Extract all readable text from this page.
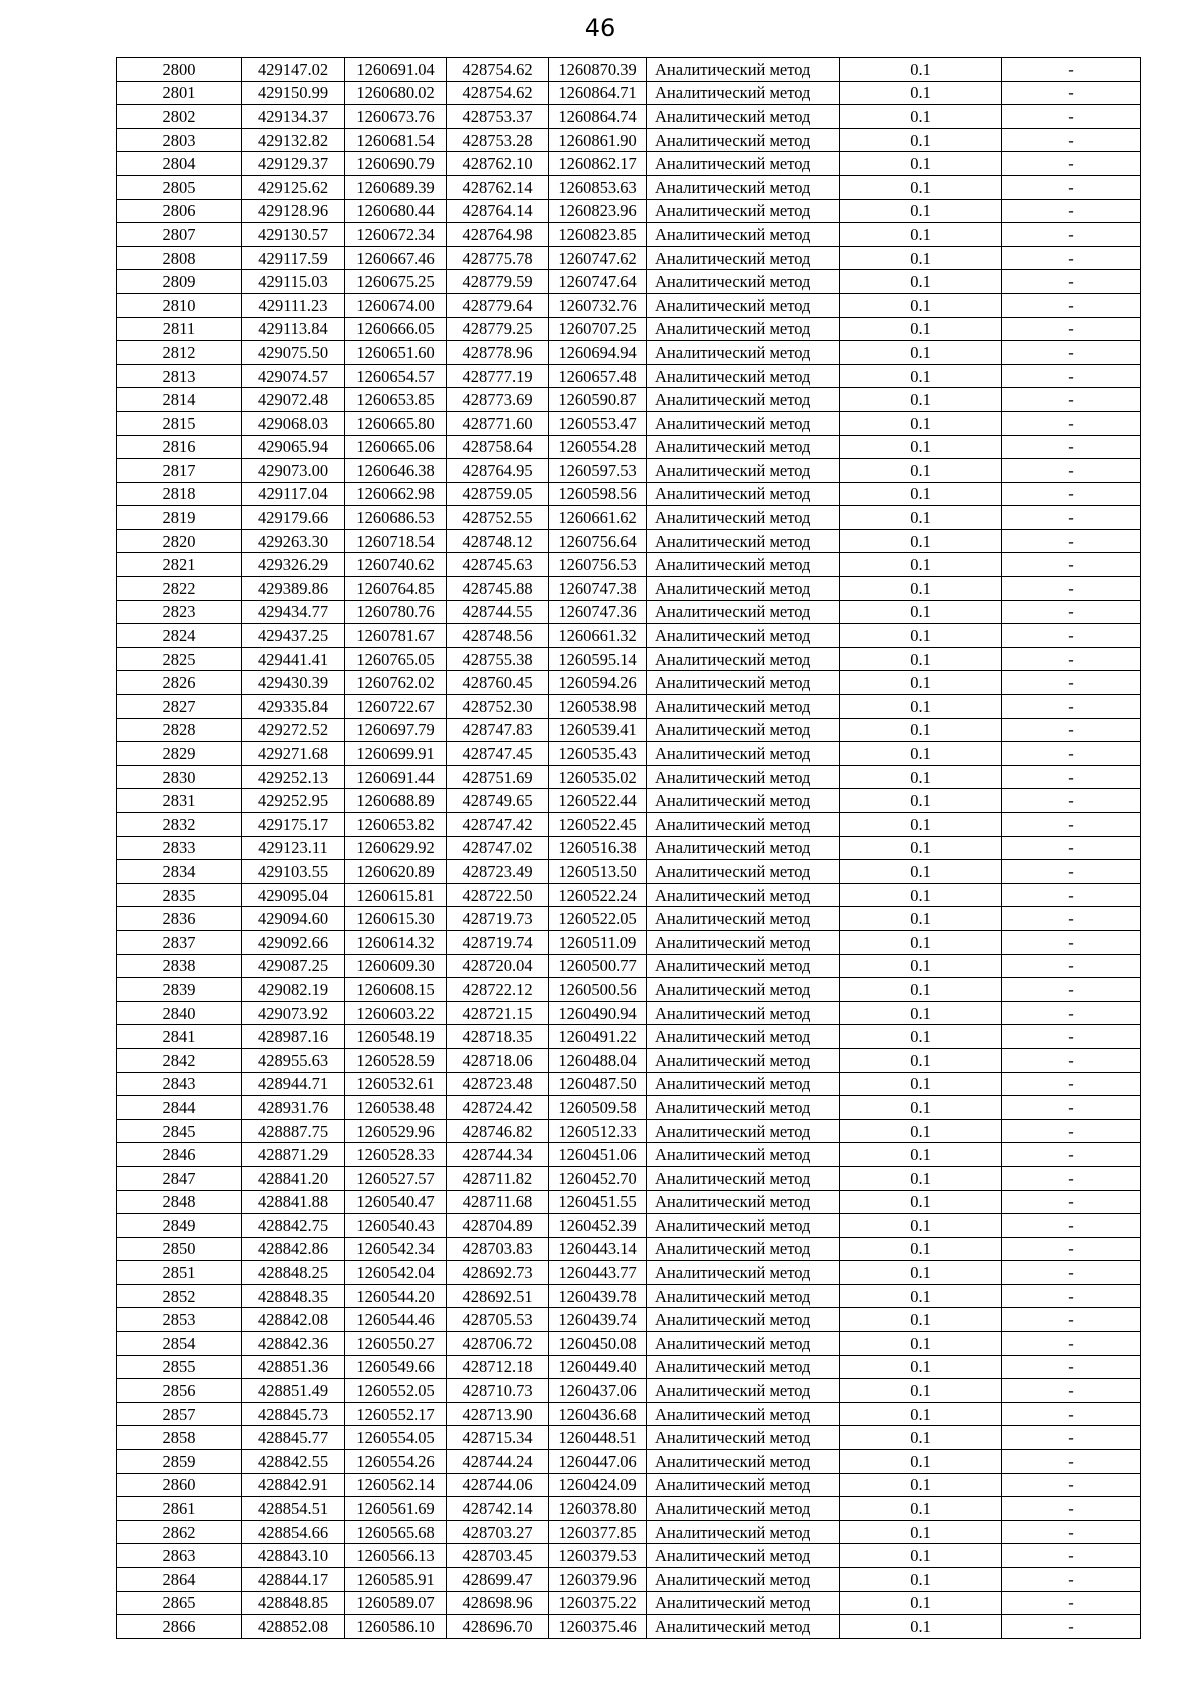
46
2800	429147.02	1260691.04	428754.62	1260870.39	Аналитический метод	0.1	-
2801	429150.99	1260680.02	428754.62	1260864.71	Аналитический метод	0.1	-
2802	429134.37	1260673.76	428753.37	1260864.74	Аналитический метод	0.1	-
2803	429132.82	1260681.54	428753.28	1260861.90	Аналитический метод	0.1	-
2804	429129.37	1260690.79	428762.10	1260862.17	Аналитический метод	0.1	-
2805	429125.62	1260689.39	428762.14	1260853.63	Аналитический метод	0.1	-
2806	429128.96	1260680.44	428764.14	1260823.96	Аналитический метод	0.1	-
2807	429130.57	1260672.34	428764.98	1260823.85	Аналитический метод	0.1	-
2808	429117.59	1260667.46	428775.78	1260747.62	Аналитический метод	0.1	-
2809	429115.03	1260675.25	428779.59	1260747.64	Аналитический метод	0.1	-
2810	429111.23	1260674.00	428779.64	1260732.76	Аналитический метод	0.1	-
2811	429113.84	1260666.05	428779.25	1260707.25	Аналитический метод	0.1	-
2812	429075.50	1260651.60	428778.96	1260694.94	Аналитический метод	0.1	-
2813	429074.57	1260654.57	428777.19	1260657.48	Аналитический метод	0.1	-
2814	429072.48	1260653.85	428773.69	1260590.87	Аналитический метод	0.1	-
2815	429068.03	1260665.80	428771.60	1260553.47	Аналитический метод	0.1	-
2816	429065.94	1260665.06	428758.64	1260554.28	Аналитический метод	0.1	-
2817	429073.00	1260646.38	428764.95	1260597.53	Аналитический метод	0.1	-
2818	429117.04	1260662.98	428759.05	1260598.56	Аналитический метод	0.1	-
2819	429179.66	1260686.53	428752.55	1260661.62	Аналитический метод	0.1	-
2820	429263.30	1260718.54	428748.12	1260756.64	Аналитический метод	0.1	-
2821	429326.29	1260740.62	428745.63	1260756.53	Аналитический метод	0.1	-
2822	429389.86	1260764.85	428745.88	1260747.38	Аналитический метод	0.1	-
2823	429434.77	1260780.76	428744.55	1260747.36	Аналитический метод	0.1	-
2824	429437.25	1260781.67	428748.56	1260661.32	Аналитический метод	0.1	-
2825	429441.41	1260765.05	428755.38	1260595.14	Аналитический метод	0.1	-
2826	429430.39	1260762.02	428760.45	1260594.26	Аналитический метод	0.1	-
2827	429335.84	1260722.67	428752.30	1260538.98	Аналитический метод	0.1	-
2828	429272.52	1260697.79	428747.83	1260539.41	Аналитический метод	0.1	-
2829	429271.68	1260699.91	428747.45	1260535.43	Аналитический метод	0.1	-
2830	429252.13	1260691.44	428751.69	1260535.02	Аналитический метод	0.1	-
2831	429252.95	1260688.89	428749.65	1260522.44	Аналитический метод	0.1	-
2832	429175.17	1260653.82	428747.42	1260522.45	Аналитический метод	0.1	-
2833	429123.11	1260629.92	428747.02	1260516.38	Аналитический метод	0.1	-
2834	429103.55	1260620.89	428723.49	1260513.50	Аналитический метод	0.1	-
2835	429095.04	1260615.81	428722.50	1260522.24	Аналитический метод	0.1	-
2836	429094.60	1260615.30	428719.73	1260522.05	Аналитический метод	0.1	-
2837	429092.66	1260614.32	428719.74	1260511.09	Аналитический метод	0.1	-
2838	429087.25	1260609.30	428720.04	1260500.77	Аналитический метод	0.1	-
2839	429082.19	1260608.15	428722.12	1260500.56	Аналитический метод	0.1	-
2840	429073.92	1260603.22	428721.15	1260490.94	Аналитический метод	0.1	-
2841	428987.16	1260548.19	428718.35	1260491.22	Аналитический метод	0.1	-
2842	428955.63	1260528.59	428718.06	1260488.04	Аналитический метод	0.1	-
2843	428944.71	1260532.61	428723.48	1260487.50	Аналитический метод	0.1	-
2844	428931.76	1260538.48	428724.42	1260509.58	Аналитический метод	0.1	-
2845	428887.75	1260529.96	428746.82	1260512.33	Аналитический метод	0.1	-
2846	428871.29	1260528.33	428744.34	1260451.06	Аналитический метод	0.1	-
2847	428841.20	1260527.57	428711.82	1260452.70	Аналитический метод	0.1	-
2848	428841.88	1260540.47	428711.68	1260451.55	Аналитический метод	0.1	-
2849	428842.75	1260540.43	428704.89	1260452.39	Аналитический метод	0.1	-
2850	428842.86	1260542.34	428703.83	1260443.14	Аналитический метод	0.1	-
2851	428848.25	1260542.04	428692.73	1260443.77	Аналитический метод	0.1	-
2852	428848.35	1260544.20	428692.51	1260439.78	Аналитический метод	0.1	-
2853	428842.08	1260544.46	428705.53	1260439.74	Аналитический метод	0.1	-
2854	428842.36	1260550.27	428706.72	1260450.08	Аналитический метод	0.1	-
2855	428851.36	1260549.66	428712.18	1260449.40	Аналитический метод	0.1	-
2856	428851.49	1260552.05	428710.73	1260437.06	Аналитический метод	0.1	-
2857	428845.73	1260552.17	428713.90	1260436.68	Аналитический метод	0.1	-
2858	428845.77	1260554.05	428715.34	1260448.51	Аналитический метод	0.1	-
2859	428842.55	1260554.26	428744.24	1260447.06	Аналитический метод	0.1	-
2860	428842.91	1260562.14	428744.06	1260424.09	Аналитический метод	0.1	-
2861	428854.51	1260561.69	428742.14	1260378.80	Аналитический метод	0.1	-
2862	428854.66	1260565.68	428703.27	1260377.85	Аналитический метод	0.1	-
2863	428843.10	1260566.13	428703.45	1260379.53	Аналитический метод	0.1	-
2864	428844.17	1260585.91	428699.47	1260379.96	Аналитический метод	0.1	-
2865	428848.85	1260589.07	428698.96	1260375.22	Аналитический метод	0.1	-
2866	428852.08	1260586.10	428696.70	1260375.46	Аналитический метод	0.1	-
